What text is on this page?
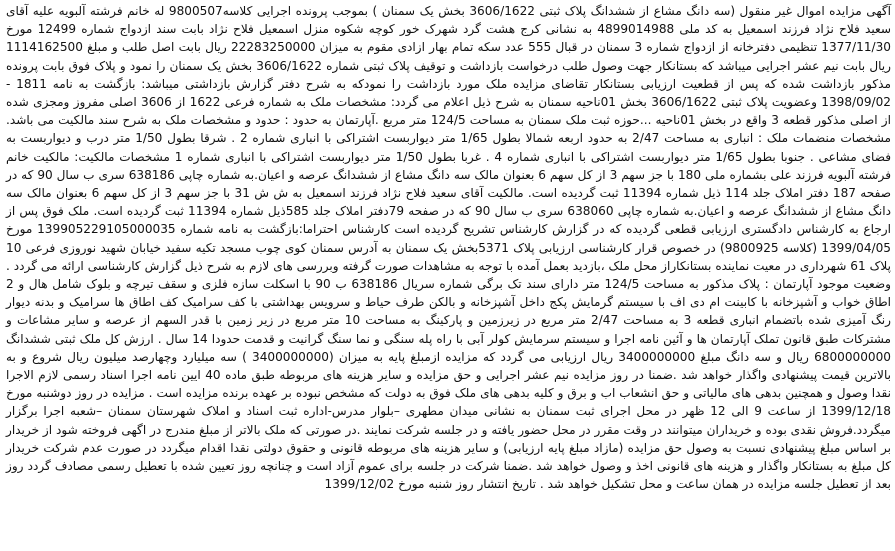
آگهی مزایده اموال غیر منقول (سه دانگ مشاع از ششدانگ پلاک ثبتی 3606/1622 بخش یک سمنان ) بموجب پرونده اجرایی کلاسه9800507 له خانم فرشته آلبویه علیه آقای سعید فلاح نژاد فرزند اسمعیل به کد ملی 4899014988 به نشانی کرج هشت گرد شهرک خور کوچه شکوه منزل اسمعیل فلاح نژاد بابت سند ازدواج شماره 12499 مورخ 1377/11/30 تنظیمی دفترخانه از ازدواج شماره 3 سمنان در قبال 555 عدد سکه تمام بهار ازادی مقوم به میزان 22283250000 ریال بابت اصل طلب و مبلغ 1114162500 ریال بابت نیم عشر اجرایی میباشد که بستانکار جهت وصول طلب درخواست بازداشت و توقیف پلاک ثبتی شماره 3606/1622 بخش یک سمنان را نمود و پلاک فوق بابت پرونده مذکور بازداشت شده که پس از قطعیت ارزیابی بستانکار تقاضای مزایده ملک مورد بازداشت را نمودکه به شرح دفتر گزارش بازداشتی میباشد: بازگشت به نامه 1811 - 1398/09/02 وعضویت پلاک ثبتی 3606/1622 بخش 01ناحیه سمنان به شرح ذیل اعلام می گردد: مشخصات ملک به شماره فرعی 1622 از 3606 اصلی مفروز ومجزی شده از اصلی مذکور قطعه 3 واقع در بخش 01ناحیه ...حوزه ثبت ملک سمنان به مساحت 124/5 متر مربع .آپارتمان به حدود : حدود و مشخصات ملک به شرح سند مالکیت می باشد. مشخصات منضمات ملک : انباری به مساحت 2/47 به حدود اربعه شمالا بطول 1/65 متر دیواربست اشتراکی با انباری شماره 2 . شرقا بطول 1/50 متر درب و دیواربست به فضای مشاعی . جنوبا بطول 1/65 متر دیواربست اشتراکی با انباری شماره 4 . غربا بطول 1/50 متر دیواربست اشتراکی با انباری شماره 1 مشخصات مالکیت: مالکیت خانم فرشته آلبویه فرزند علی بشماره ملی 180 با جز سهم 3 از کل سهم 6 بعنوان مالک سه دانگ مشاع از ششدانگ عرصه و اعیان.به شماره چاپی 638186 سری ب سال 90 که در صفحه 187 دفتر املاک جلد 114 ذیل شماره 11394 ثبت گردیده است. مالکیت آقای سعید فلاح نژاد فرزند اسمعیل به ش ش 31 با جز سهم 3 از کل سهم 6 بعنوان مالک سه دانگ مشاع از ششدانگ عرصه و اعیان.به شماره چاپی 638060 سری ب سال 90 که در صفحه 79دفتر املاک جلد 585ذیل شماره 11394 ثبت گردیده است. ملک فوق پس از ارجاع به کارشناس دادگستری ارزیابی قطعی گردیده که در گزارش کارشناس تشریح گردیده است کارشناس احتراما:بازگشت به نامه شماره 139905229105000035 مورخ 1399/04/05 (کلاسه 9800925) در خصوص قرار کارشناسی ارزیابی پلاک 5371بخش یک سمنان به آدرس سمنان کوی چوب مسجد تکیه سفید خیابان شهید نوروزی فرعی 10 پلاک 61 شهرداری در معیت نماینده بستانکاراز محل ملک ،بازدید بعمل آمده با توجه به مشاهدات صورت گرفته وبررسی های لازم به شرح ذیل گزارش کارشناسی ارائه می گردد . وضعیت موجود آپارتمان : پلاک مذکور به مساحت 124/5 متر دارای سند تک برگی شماره سریال 638186 ب 90 با اسکلت سازه فلزی و سقف تیرچه و بلوک شامل هال و 2 اطاق خواب و آشپزخانه با کابینت ام دی اف با سیستم گرمایش پکج داخل آشپزخانه و بالکن طرف حیاط و سرویس بهداشتی با کف سرامیک کف اطاق ها سرامیک و بدنه دیوار رنگ آمیزی شده باتضمام انباری قطعه 3 به مساحت 2/47 متر مربع در زیرزمین و پارکینگ به مساحت 10 متر مربع در زیر زمین با قدر السهم از عرصه و سایر مشاعات و مشترکات طبق قانون تملک آپارتمان ها و آئین نامه اجرا و سیستم سرمایش کولر آبی با راه پله سنگی و نما سنگ گرانیت و قدمت حدودا 14 سال . ارزش کل ملک ثبتی ششدانگ 6800000000 ریال و سه دانگ مبلغ 3400000000 ریال ارزیابی می گردد که مزایده ازمبلغ پایه به میزان (3400000000 ) سه میلیارد وچهارصد میلیون ریال شروع و به بالاترین قیمت پیشنهادی واگذار خواهد شد .ضمنا در روز مزایده نیم عشر اجرایی و حق مزایده و سایر هزینه های مربوطه طبق ماده 40 ایین نامه اجرا اسناد رسمی لازم الاجرا نقدا وصول و همچنین بدهی های مالیاتی و حق انشعاب اب و برق و کلیه بدهی های ملک فوق به دولت که مشخص نبوده بر عهده برنده مزایده است . مزایده در روز دوشنبه مورخ 1399/12/18 از ساعت 9 الی 12 ظهر در محل اجرای ثبت سمنان به نشانی میدان مطهری –بلوار مدرس-اداره ثبت اسناد و املاک شهرستان سمنان –شعبه اجرا برگزار میگردد.فروش نقدی بوده و خریداران میتوانند در وقت مقرر در محل حضور یافته و در جلسه شرکت نمایند .در صورتی که ملک بالاتر از مبلغ مندرج در اگهی فروخته شود از خریدار بر اساس مبلغ پیشنهادی نسبت به وصول حق مزایده (مازاد مبلغ پایه ارزیابی) و سایر هزینه های مربوطه قانونی و حقوق دولتی نقدا اقدام میگردد در صورت عدم شرکت خریدار کل مبلغ به بستانکار واگذار و هزینه های قانونی اخذ و وصول خواهد شد .ضمنا شرکت در جلسه برای عموم آزاد است و چنانچه روز تعیین شده با تعطیل رسمی مصادف گردد روز بعد از تعطیل جلسه مزایده در همان ساعت و محل تشکیل خواهد شد . تاریخ انتشار روز شنبه مورخ 1399/12/02
